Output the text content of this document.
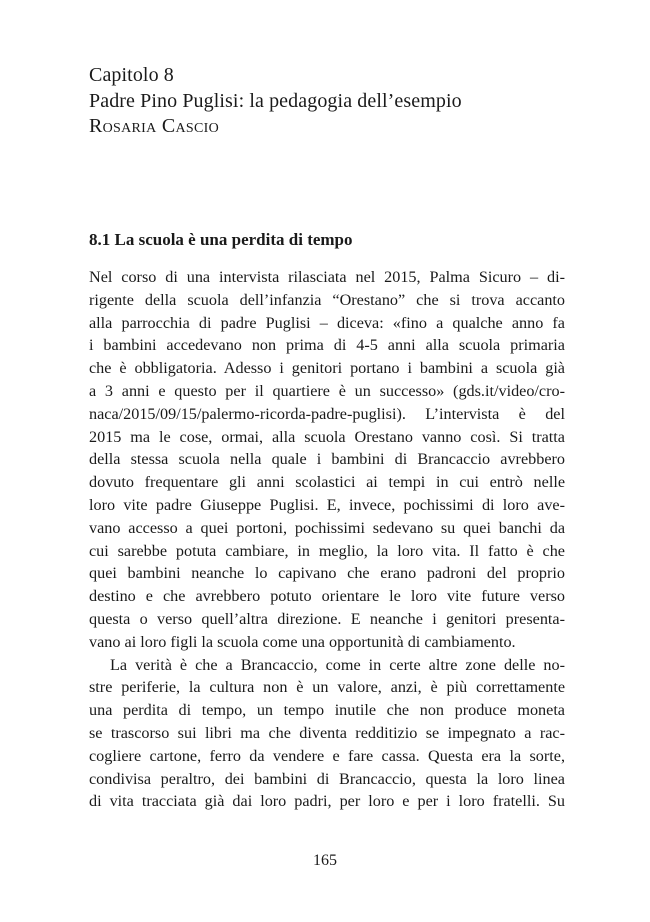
Capitolo 8
Padre Pino Puglisi: la pedagogia dell’esempio
Rosaria Cascio
8.1 La scuola è una perdita di tempo
Nel corso di una intervista rilasciata nel 2015, Palma Sicuro – di-
rigente della scuola dell’infanzia “Orestano” che si trova accanto
alla parrocchia di padre Puglisi – diceva: «fino a qualche anno fa
i bambini accedevano non prima di 4-5 anni alla scuola primaria
che è obbligatoria. Adesso i genitori portano i bambini a scuola già
a 3 anni e questo per il quartiere è un successo» (gds.it/video/cro-
naca/2015/09/15/palermo-ricorda-padre-puglisi). L’intervista è del
2015 ma le cose, ormai, alla scuola Orestano vanno così. Si tratta
della stessa scuola nella quale i bambini di Brancaccio avrebbero
dovuto frequentare gli anni scolastici ai tempi in cui entrò nelle
loro vite padre Giuseppe Puglisi. E, invece, pochissimi di loro ave-
vano accesso a quei portoni, pochissimi sedevano su quei banchi da
cui sarebbe potuta cambiare, in meglio, la loro vita. Il fatto è che
quei bambini neanche lo capivano che erano padroni del proprio
destino e che avrebbero potuto orientare le loro vite future verso
questa o verso quell’altra direzione. E neanche i genitori presenta-
vano ai loro figli la scuola come una opportunità di cambiamento.
La verità è che a Brancaccio, come in certe altre zone delle no-
stre periferie, la cultura non è un valore, anzi, è più correttamente
una perdita di tempo, un tempo inutile che non produce moneta
se trascorso sui libri ma che diventa redditizio se impegnato a rac-
cogliere cartone, ferro da vendere e fare cassa. Questa era la sorte,
condivisa peraltro, dei bambini di Brancaccio, questa la loro linea
di vita tracciata già dai loro padri, per loro e per i loro fratelli. Su
165
